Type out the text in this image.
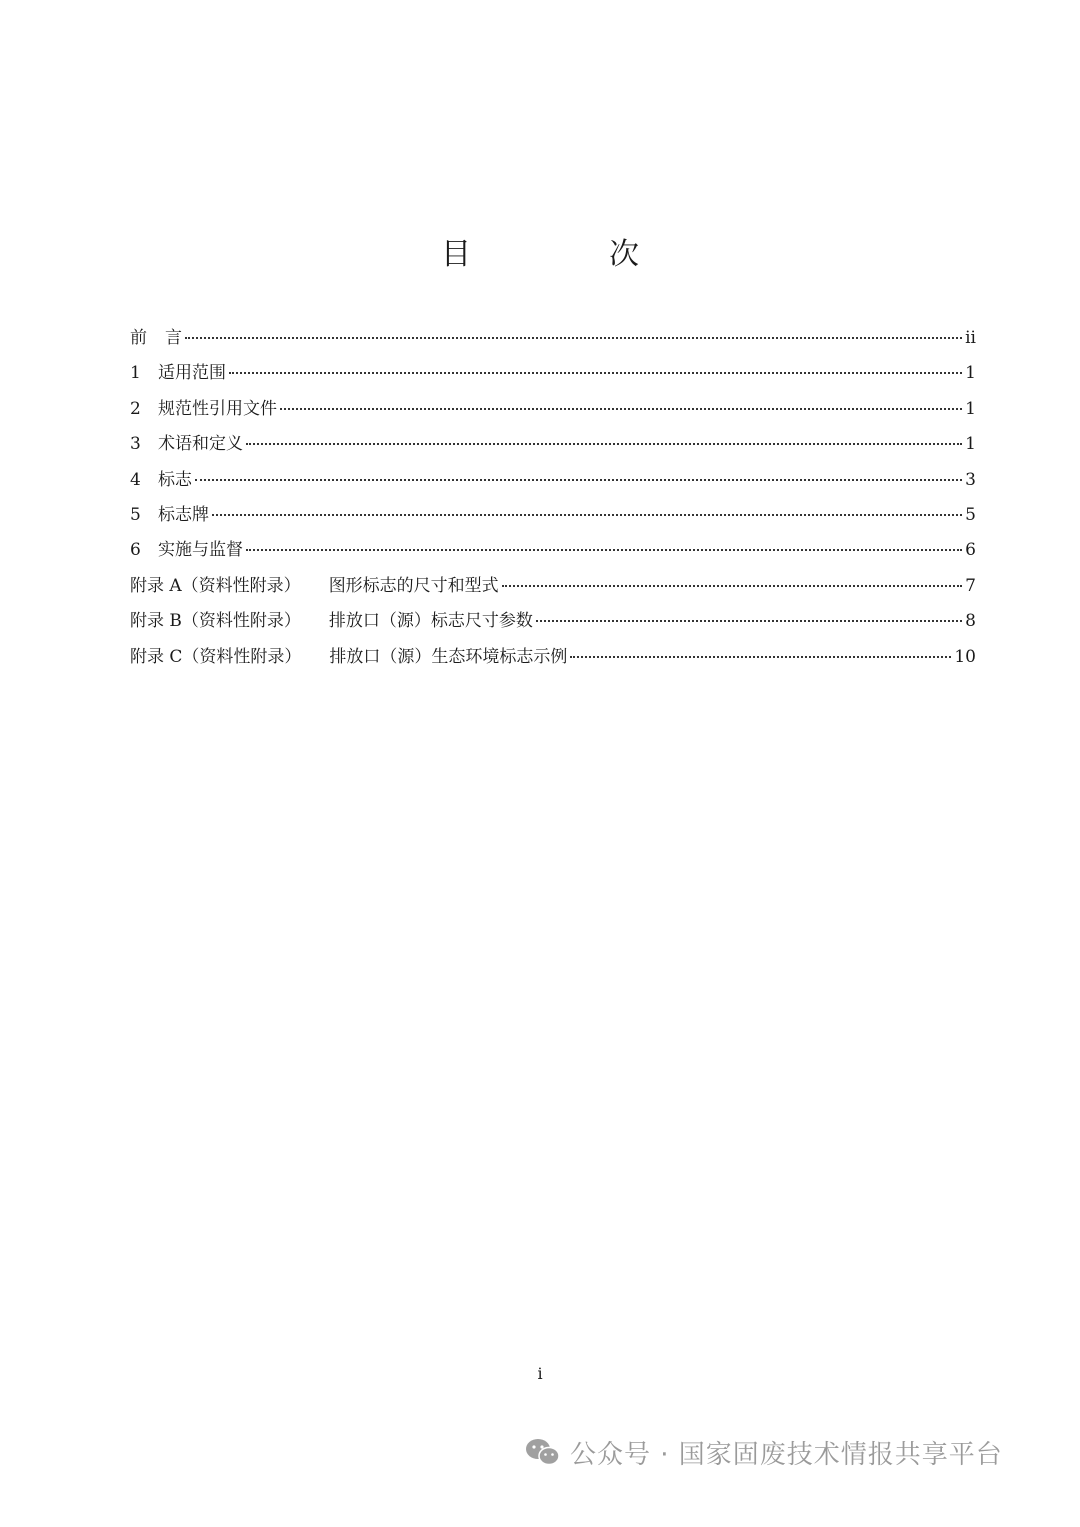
目　次
前言	ii
1	适用范围	1
2	规范性引用文件	1
3	术语和定义	1
4	标志	3
5	标志牌	5
6	实施与监督	6
附录 A（资料性附录） 图形标志的尺寸和型式	7
附录 B（资料性附录） 排放口（源）标志尺寸参数	8
附录 C（资料性附录） 排放口（源）生态环境标志示例	10

i

公众号 · 国家固废技术情报共享平台
